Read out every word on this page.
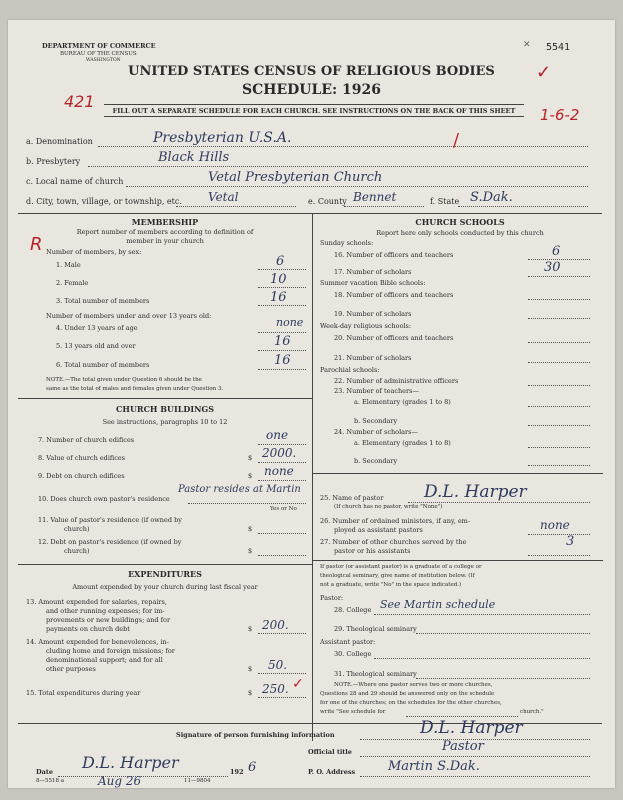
DEPARTMENT OF COMMERCE
BUREAU OF THE CENSUS
WASHINGTON
5541
✕
✓
UNITED STATES CENSUS OF RELIGIOUS BODIES
SCHEDULE: 1926
421	FILL OUT A SEPARATE SCHEDULE FOR EACH CHURCH. SEE INSTRUCTIONS ON THE BACK OF THIS SHEET	1-6-2
a. Denomination	Presbyterian U.S.A.	/
b. Presbytery	Black Hills
c. Local name of church	Vetal Presbyterian Church
d. City, town, village, or township, etc. Vetal	e. County Bennet	f. State S.Dak.
MEMBERSHIP
Report number of members according to definition of
member in your church
R Number of members, by sex:
1. Male	6
2. Female	10
3. Total number of members	16
Number of members under and over 13 years old:
4. Under 13 years of age	none
5. 13 years old and over	16
6. Total number of members	16
NOTE.—The total given under Question 6 should be the
same as the total of males and females given under Question 3.
CHURCH BUILDINGS
See instructions, paragraphs 10 to 12
7. Number of church edifices	one
8. Value of church edifices	$ 2000.
9. Debt on church edifices	$ none
10. Does church own pastor's residence
Pastor resides at Martin
Yes or No
11. Value of pastor's residence (if owned by
church)	$
12. Debt on pastor's residence (if owned by
church)	$
EXPENDITURES
Amount expended by your church during last fiscal year
13. Amount expended for salaries, repairs,
and other running expenses; for im-
provements or new buildings; and for
payments on church debt	$ 200.
14. Amount expended for benevolences, in-
cluding home and foreign missions; for
denominational support; and for all
other purposes	$ 50.
15. Total expenditures during year	$ 250. ✓
CHURCH SCHOOLS
Report here only schools conducted by this church
Sunday schools:
16. Number of officers and teachers	6
17. Number of scholars	30
Summer vacation Bible schools:
18. Number of officers and teachers
19. Number of scholars
Week-day religious schools:
20. Number of officers and teachers
21. Number of scholars
Parochial schools:
22. Number of administrative officers
23. Number of teachers—
a. Elementary (grades 1 to 8)
b. Secondary
24. Number of scholars—
a. Elementary (grades 1 to 8)
b. Secondary
25. Name of pastor D.L. Harper
(If church has no pastor, write "None")
26. Number of ordained ministers, if any, em-
ployed as assistant pastors	none
27. Number of other churches served by the
pastor or his assistants
3
If pastor (or assistant pastor) is a graduate of a college or
theological seminary, give name of institution below. (If
not a graduate, write "No" in the space indicated.)
Pastor:
28. College See Martin schedule
29. Theological seminary
Assistant pastor:
30. College
31. Theological seminary
NOTE.—Where one pastor serves two or more churches,
Questions 28 and 29 should be answered only on the schedule
for one of the churches; on the schedules for the other churches,
write "See schedule for	church."
Signature of person furnishing information	D.L. Harper
Official title	Pastor
Date D.L. Harper	192 6
Aug 26
P. O. Address	Martin S.Dak.
8—5518 a	11—9804
